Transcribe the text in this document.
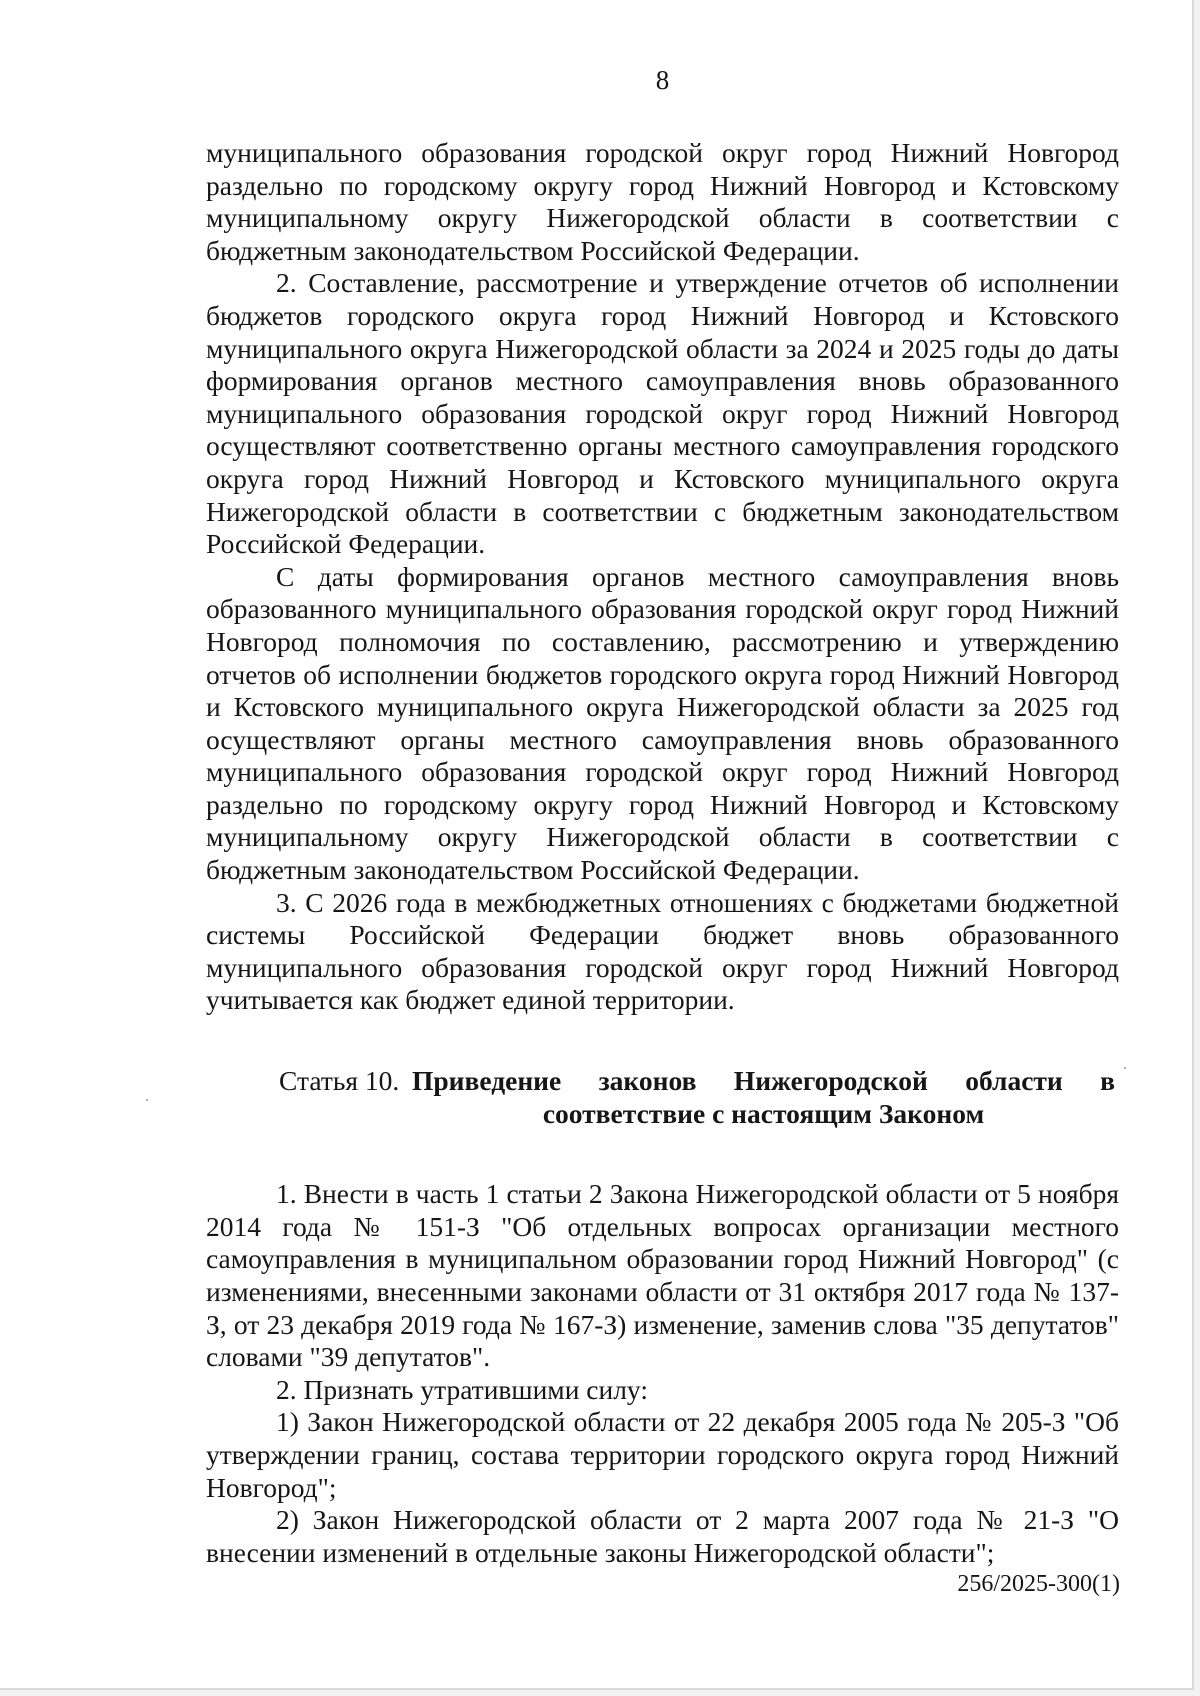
8

муниципального образования городской округ город Нижний Новгород раздельно по городскому округу город Нижний Новгород и Кстовскому муниципальному округу Нижегородской области в соответствии с бюджетным законодательством Российской Федерации.

2. Составление, рассмотрение и утверждение отчетов об исполнении бюджетов городского округа город Нижний Новгород и Кстовского муниципального округа Нижегородской области за 2024 и 2025 годы до даты формирования органов местного самоуправления вновь образованного муниципального образования городской округ город Нижний Новгород осуществляют соответственно органы местного самоуправления городского округа город Нижний Новгород и Кстовского муниципального округа Нижегородской области в соответствии с бюджетным законодательством Российской Федерации.

С даты формирования органов местного самоуправления вновь образованного муниципального образования городской округ город Нижний Новгород полномочия по составлению, рассмотрению и утверждению отчетов об исполнении бюджетов городского округа город Нижний Новгород и Кстовского муниципального округа Нижегородской области за 2025 год осуществляют органы местного самоуправления вновь образованного муниципального образования городской округ город Нижний Новгород раздельно по городскому округу город Нижний Новгород и Кстовскому муниципальному округу Нижегородской области в соответствии с бюджетным законодательством Российской Федерации.

3. С 2026 года в межбюджетных отношениях с бюджетами бюджетной системы Российской Федерации бюджет вновь образованного муниципального образования городской округ город Нижний Новгород учитывается как бюджет единой территории.

Статья 10. Приведение законов Нижегородской области в соответствие с настоящим Законом

1. Внести в часть 1 статьи 2 Закона Нижегородской области от 5 ноября 2014 года № 151-З "Об отдельных вопросах организации местного самоуправления в муниципальном образовании город Нижний Новгород" (с изменениями, внесенными законами области от 31 октября 2017 года № 137-З, от 23 декабря 2019 года № 167-З) изменение, заменив слова "35 депутатов" словами "39 депутатов".

2. Признать утратившими силу:

1) Закон Нижегородской области от 22 декабря 2005 года № 205-З "Об утверждении границ, состава территории городского округа город Нижний Новгород";

2) Закон Нижегородской области от 2 марта 2007 года № 21-З "О внесении изменений в отдельные законы Нижегородской области";

256/2025-300(1)
